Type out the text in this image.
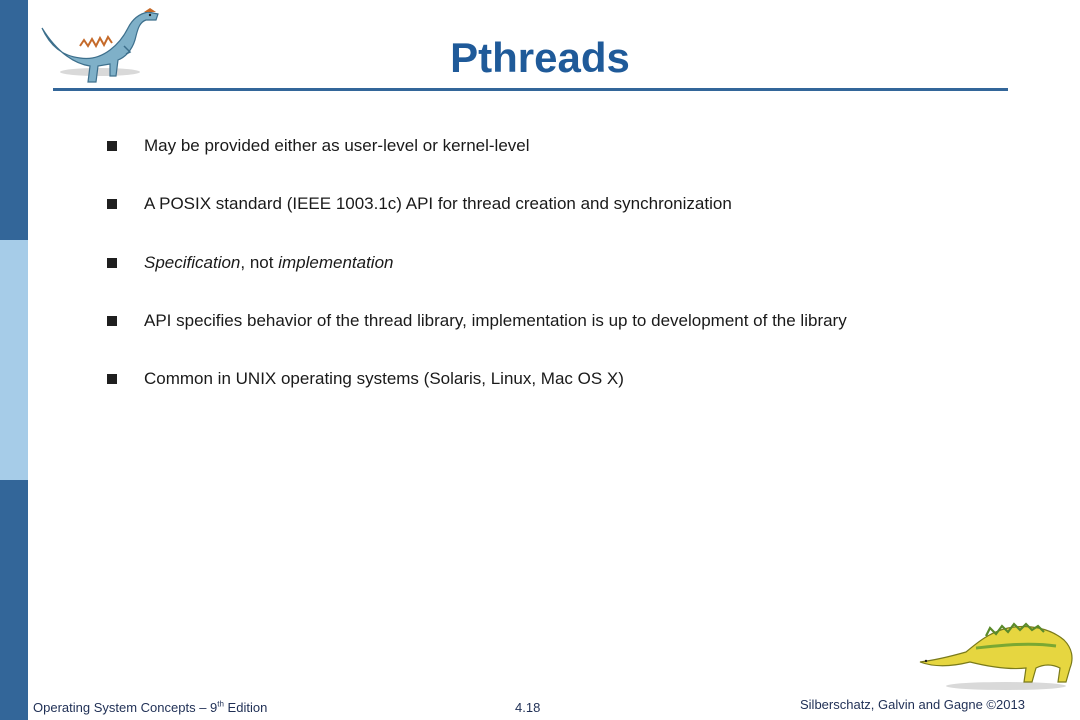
Pthreads
May be provided either as user-level or kernel-level
A POSIX standard (IEEE 1003.1c) API for thread creation and synchronization
Specification, not implementation
API specifies behavior of the thread library, implementation is up to development of the library
Common in UNIX operating systems (Solaris, Linux, Mac OS X)
Operating System Concepts – 9th Edition	4.18	Silberschatz, Galvin and Gagne ©2013
